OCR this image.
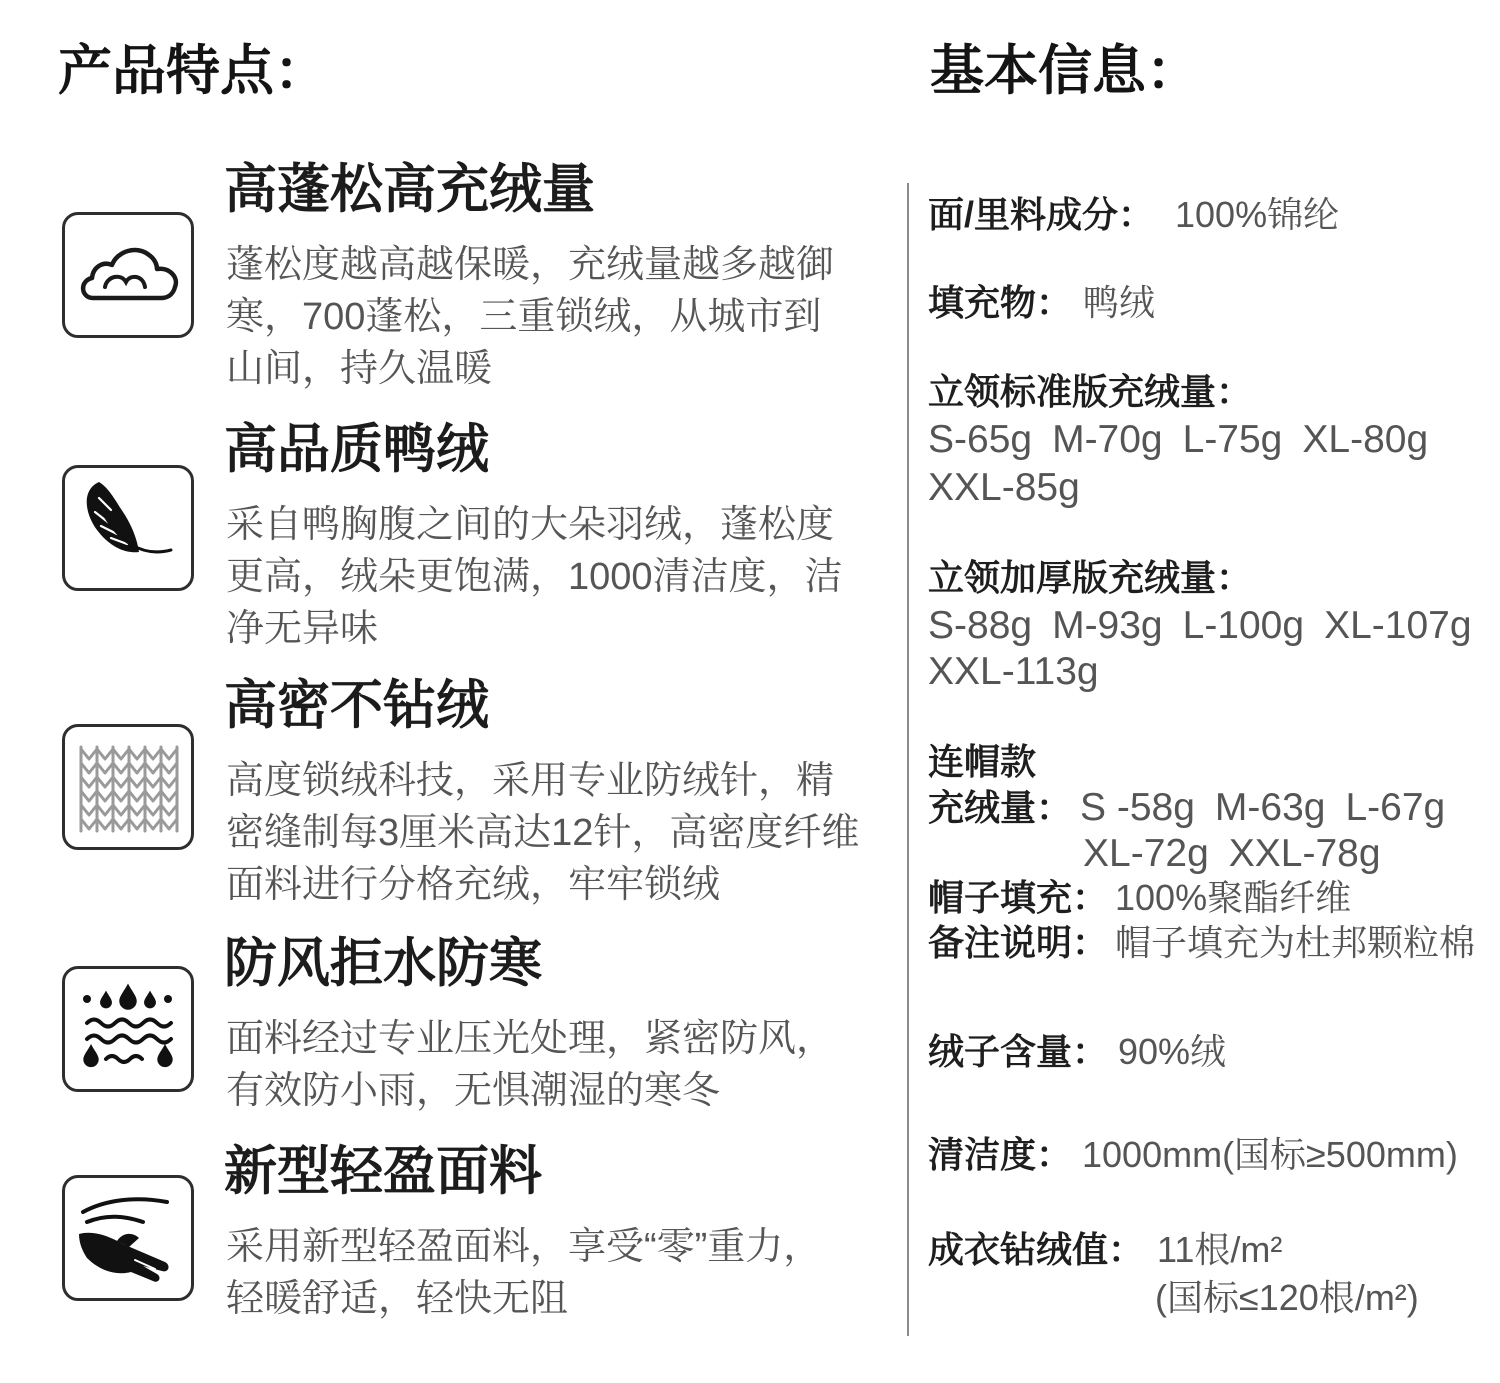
产品特点：
高蓬松高充绒量
蓬松度越高越保暖，充绒量越多越御
寒，700蓬松，三重锁绒，从城市到
山间，持久温暖
高品质鸭绒
采自鸭胸腹之间的大朵羽绒，蓬松度
更高，绒朵更饱满，1000清洁度，洁
净无异味
高密不钻绒
高度锁绒科技，采用专业防绒针，精
密缝制每3厘米高达12针，高密度纤维
面料进行分格充绒，牢牢锁绒
防风拒水防寒
面料经过专业压光处理，紧密防风，
有效防小雨，无惧潮湿的寒冬
新型轻盈面料
采用新型轻盈面料，享受“零”重力，
轻暖舒适，轻快无阻
基本信息：
面/里料成分： 100%锦纶
填充物： 鸭绒
立领标准版充绒量：
S-65g M-70g L-75g XL-80g
XXL-85g
立领加厚版充绒量：
S-88g M-93g L-100g XL-107g
XXL-113g
连帽款
充绒量： S -58g M-63g L-67g
XL-72g XXL-78g
帽子填充： 100%聚酯纤维
备注说明： 帽子填充为杜邦颗粒棉
绒子含量： 90%绒
清洁度： 1000mm(国标≥500mm)
成衣钻绒值： 11根/m²
(国标≤120根/m²)
